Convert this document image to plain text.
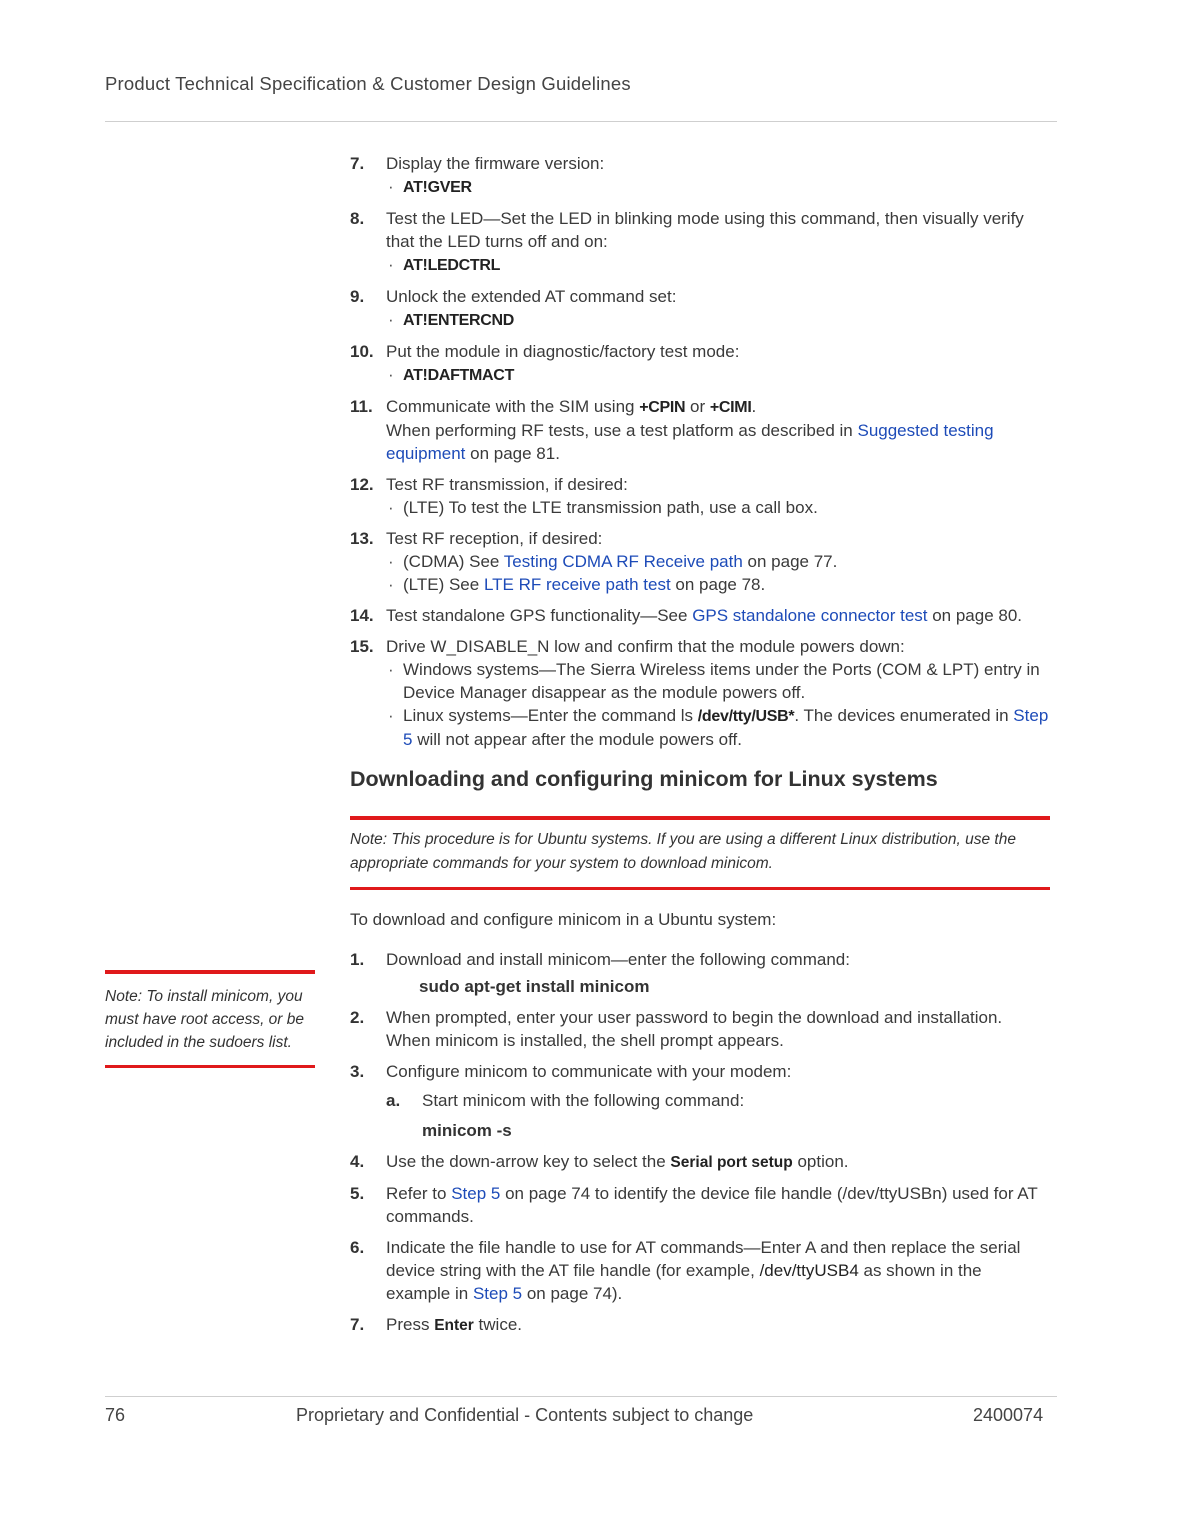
Product Technical Specification & Customer Design Guidelines
7. Display the firmware version:
· AT!GVER
8. Test the LED—Set the LED in blinking mode using this command, then visually verify that the LED turns off and on:
· AT!LEDCTRL
9. Unlock the extended AT command set:
· AT!ENTERCND
10. Put the module in diagnostic/factory test mode:
· AT!DAFTMACT
11. Communicate with the SIM using +CPIN or +CIMI.
When performing RF tests, use a test platform as described in Suggested testing equipment on page 81.
12. Test RF transmission, if desired:
· (LTE) To test the LTE transmission path, use a call box.
13. Test RF reception, if desired:
· (CDMA) See Testing CDMA RF Receive path on page 77.
· (LTE) See LTE RF receive path test on page 78.
14. Test standalone GPS functionality—See GPS standalone connector test on page 80.
15. Drive W_DISABLE_N low and confirm that the module powers down:
· Windows systems—The Sierra Wireless items under the Ports (COM & LPT) entry in Device Manager disappear as the module powers off.
· Linux systems—Enter the command ls /dev/tty/USB*. The devices enumerated in Step 5 will not appear after the module powers off.
Downloading and configuring minicom for Linux systems
Note: This procedure is for Ubuntu systems. If you are using a different Linux distribution, use the appropriate commands for your system to download minicom.
To download and configure minicom in a Ubuntu system:
1. Download and install minicom—enter the following command:
sudo apt-get install minicom
2. When prompted, enter your user password to begin the download and installation. When minicom is installed, the shell prompt appears.
3. Configure minicom to communicate with your modem:
a. Start minicom with the following command:
minicom -s
4. Use the down-arrow key to select the Serial port setup option.
5. Refer to Step 5 on page 74 to identify the device file handle (/dev/ttyUSBn) used for AT commands.
6. Indicate the file handle to use for AT commands—Enter A and then replace the serial device string with the AT file handle (for example, /dev/ttyUSB4 as shown in the example in Step 5 on page 74).
7. Press Enter twice.
Note: To install minicom, you must have root access, or be included in the sudoers list.
76	Proprietary and Confidential - Contents subject to change	2400074
